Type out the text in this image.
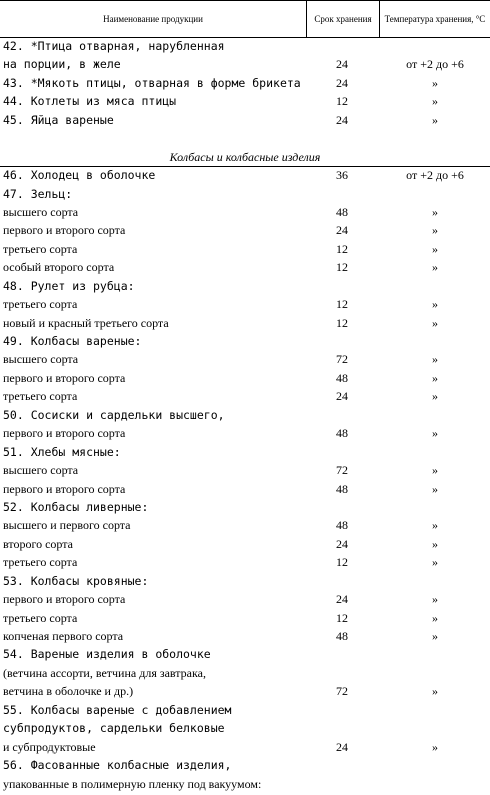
Наименование продукции	Срок хранения	Температура хранения, °С
42. *Птица отварная, нарубленная
на порции, в желе	24	от +2 до +6
43. *Мякоть птицы, отварная в форме брикета	24	»
44. Котлеты из мяса птицы	12	»
45. Яйца вареные	24	»
Колбасы и колбасные изделия
46. Холодец в оболочке	36	от +2 до +6
47. Зельц:
высшего сорта	48	»
первого и второго сорта	24	»
третьего сорта	12	»
особый второго сорта	12	»
48. Рулет из рубца:
третьего сорта	12	»
новый и красный третьего сорта	12	»
49. Колбасы вареные:
высшего сорта	72	»
первого и второго сорта	48	»
третьего сорта	24	»
50. Сосиски и сардельки высшего,
первого и второго сорта	48	»
51. Хлебы мясные:
высшего сорта	72	»
первого и второго сорта	48	»
52. Колбасы ливерные:
высшего и первого сорта	48	»
второго сорта	24	»
третьего сорта	12	»
53. Колбасы кровяные:
первого и второго сорта	24	»
третьего сорта	12	»
копченая первого сорта	48	»
54. Вареные изделия в оболочке
(ветчина ассорти, ветчина для завтрака,
ветчина в оболочке и др.)	72	»
55. Колбасы вареные с добавлением
субпродуктов, сардельки белковые
и субпродуктовые	24	»
56. Фасованные колбасные изделия,
упакованные в полимерную пленку под вакуумом:
